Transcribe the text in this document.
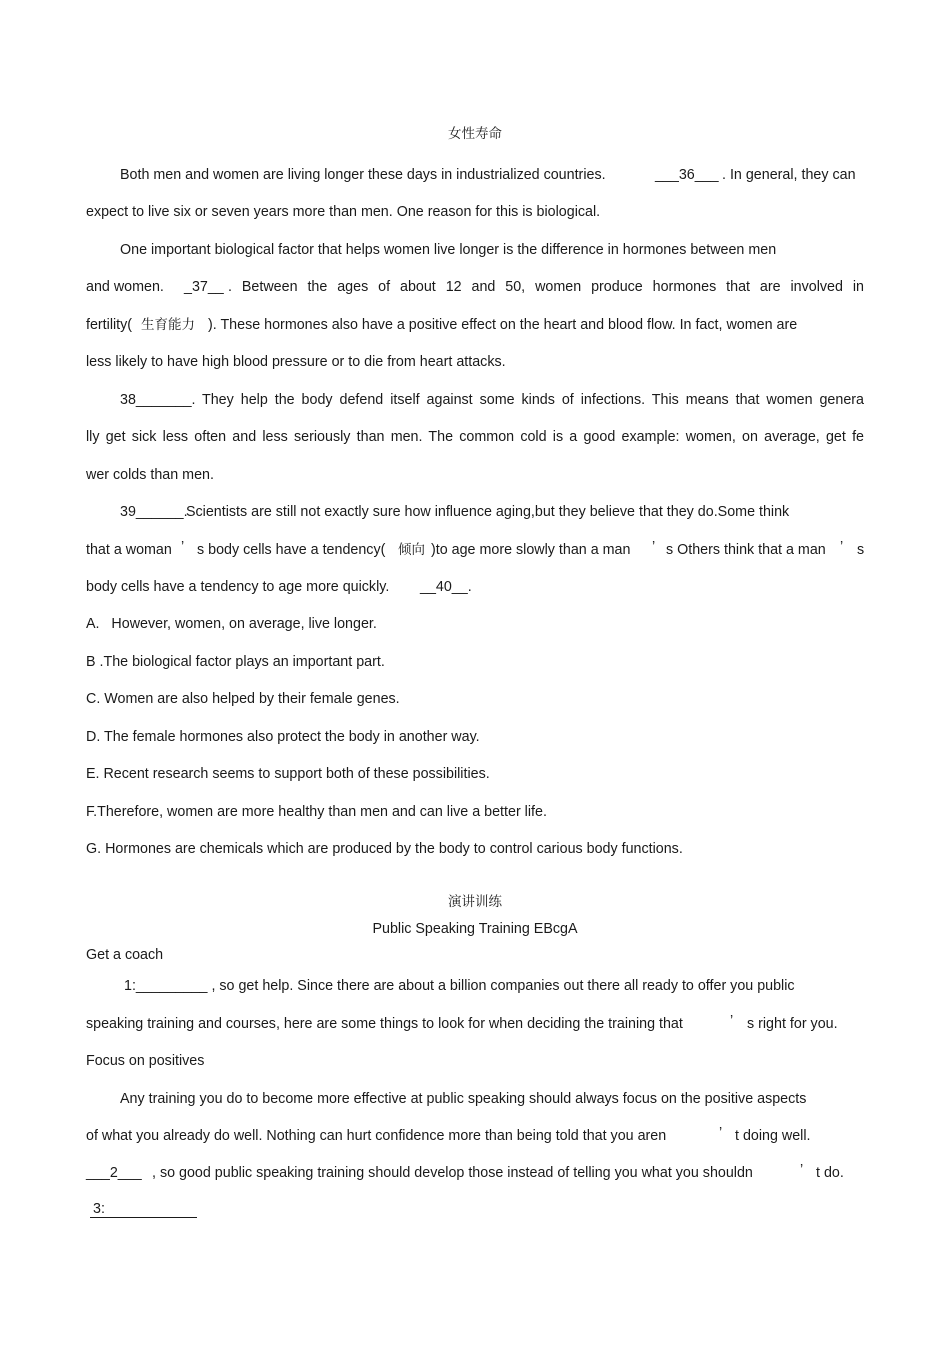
女性寿命
Both men and women are living longer these days in industrialized countries.	___36___ . In general, they can
expect to live six or seven years more than men. One reason for this is biological.
One important biological factor that helps women live longer is the difference in hormones between men
and women. _37__ . Between the ages of about 12 and 50, women produce hormones that are involved in
fertility( 生育能力 ). These hormones also have a positive effect on the heart and blood flow. In fact, women are
less likely to have high blood pressure or to die from heart attacks.
38_______. They help the body defend itself against some kinds of infections. This means that women genera
lly get sick less often and less seriously than men. The common cold is a good example: women, on average, get fe
wer colds than men.
39______.
Scientists are still not exactly sure how influence aging,but they believe that they do.Some think
that a woman ’ s body cells have a tendency( 倾向 )to age more slowly than a man ’ s Others think that a man ’ s
body cells have a tendency to age more quickly. __40__.
A.   However, women, on average, live longer.
B .The biological factor plays an important part.
C. Women are also helped by their female genes.
D. The female hormones also protect the body in another way.
E. Recent research seems to support both of these possibilities.
F.Therefore, women are more healthy than men and can live a better life.
G. Hormones are chemicals which are produced by the body to control carious body functions.
演讲训练
Public Speaking Training EBcgA
Get a coach
1:_________ , so get help. Since there are about a billion companies out there all ready to offer you public
speaking training and courses, here are some things to look for when deciding the training that	’ s right for you.
Focus on positives
Any training you do to become more effective at public speaking should always focus on the positive aspects
of what you already do well. Nothing can hurt confidence more than being told that you aren	’ t doing well.
___2___ , so good public speaking training should develop those instead of telling you what you shouldn	’ t do.
3:
